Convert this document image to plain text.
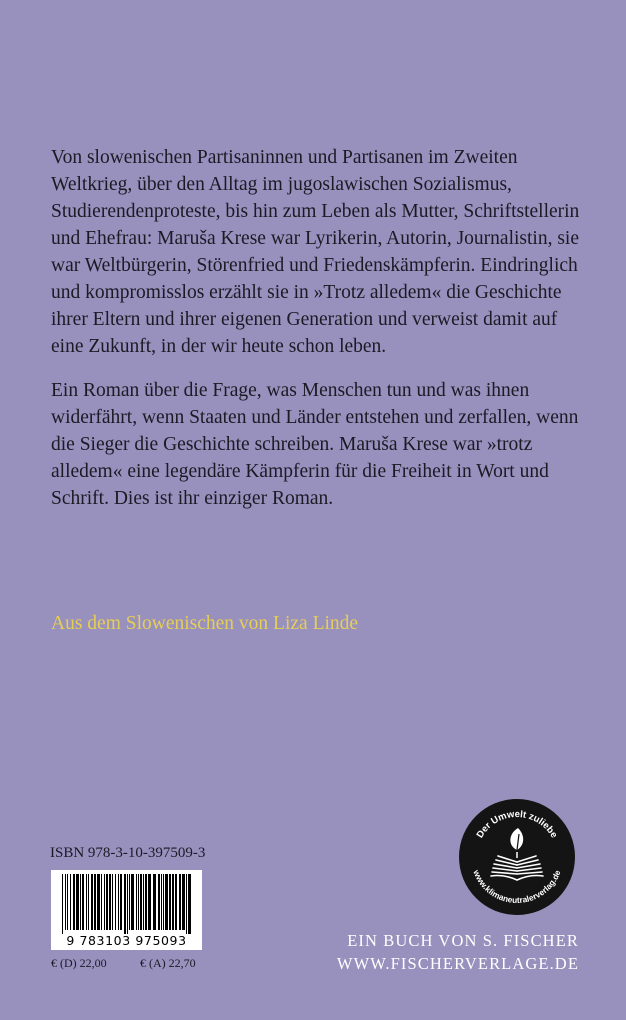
Von slowenischen Partisaninnen und Partisanen im Zweiten Weltkrieg, über den Alltag im jugoslawischen Sozialismus, Studierendenproteste, bis hin zum Leben als Mutter, Schriftstellerin und Ehefrau: Maruša Krese war Lyrikerin, Autorin, Journalistin, sie war Weltbürgerin, Störenfried und Friedenskämpferin. Eindringlich und kompromisslos erzählt sie in »Trotz alledem« die Geschichte ihrer Eltern und ihrer eigenen Generation und verweist damit auf eine Zukunft, in der wir heute schon leben.

Ein Roman über die Frage, was Menschen tun und was ihnen widerfährt, wenn Staaten und Länder entstehen und zerfallen, wenn die Sieger die Geschichte schreiben. Maruša Krese war »trotz alledem« eine legendäre Kämpferin für die Freiheit in Wort und Schrift. Dies ist ihr einziger Roman.

Aus dem Slowenischen von Liza Linde
ISBN 978-3-10-397509-3
9 783103 975093
€ (D) 22,00	€ (A) 22,70
EIN BUCH VON S. FISCHER
WWW.FISCHERVERLAGE.DE
Der Umwelt zuliebe
www.klimaneutralerverlag.de
